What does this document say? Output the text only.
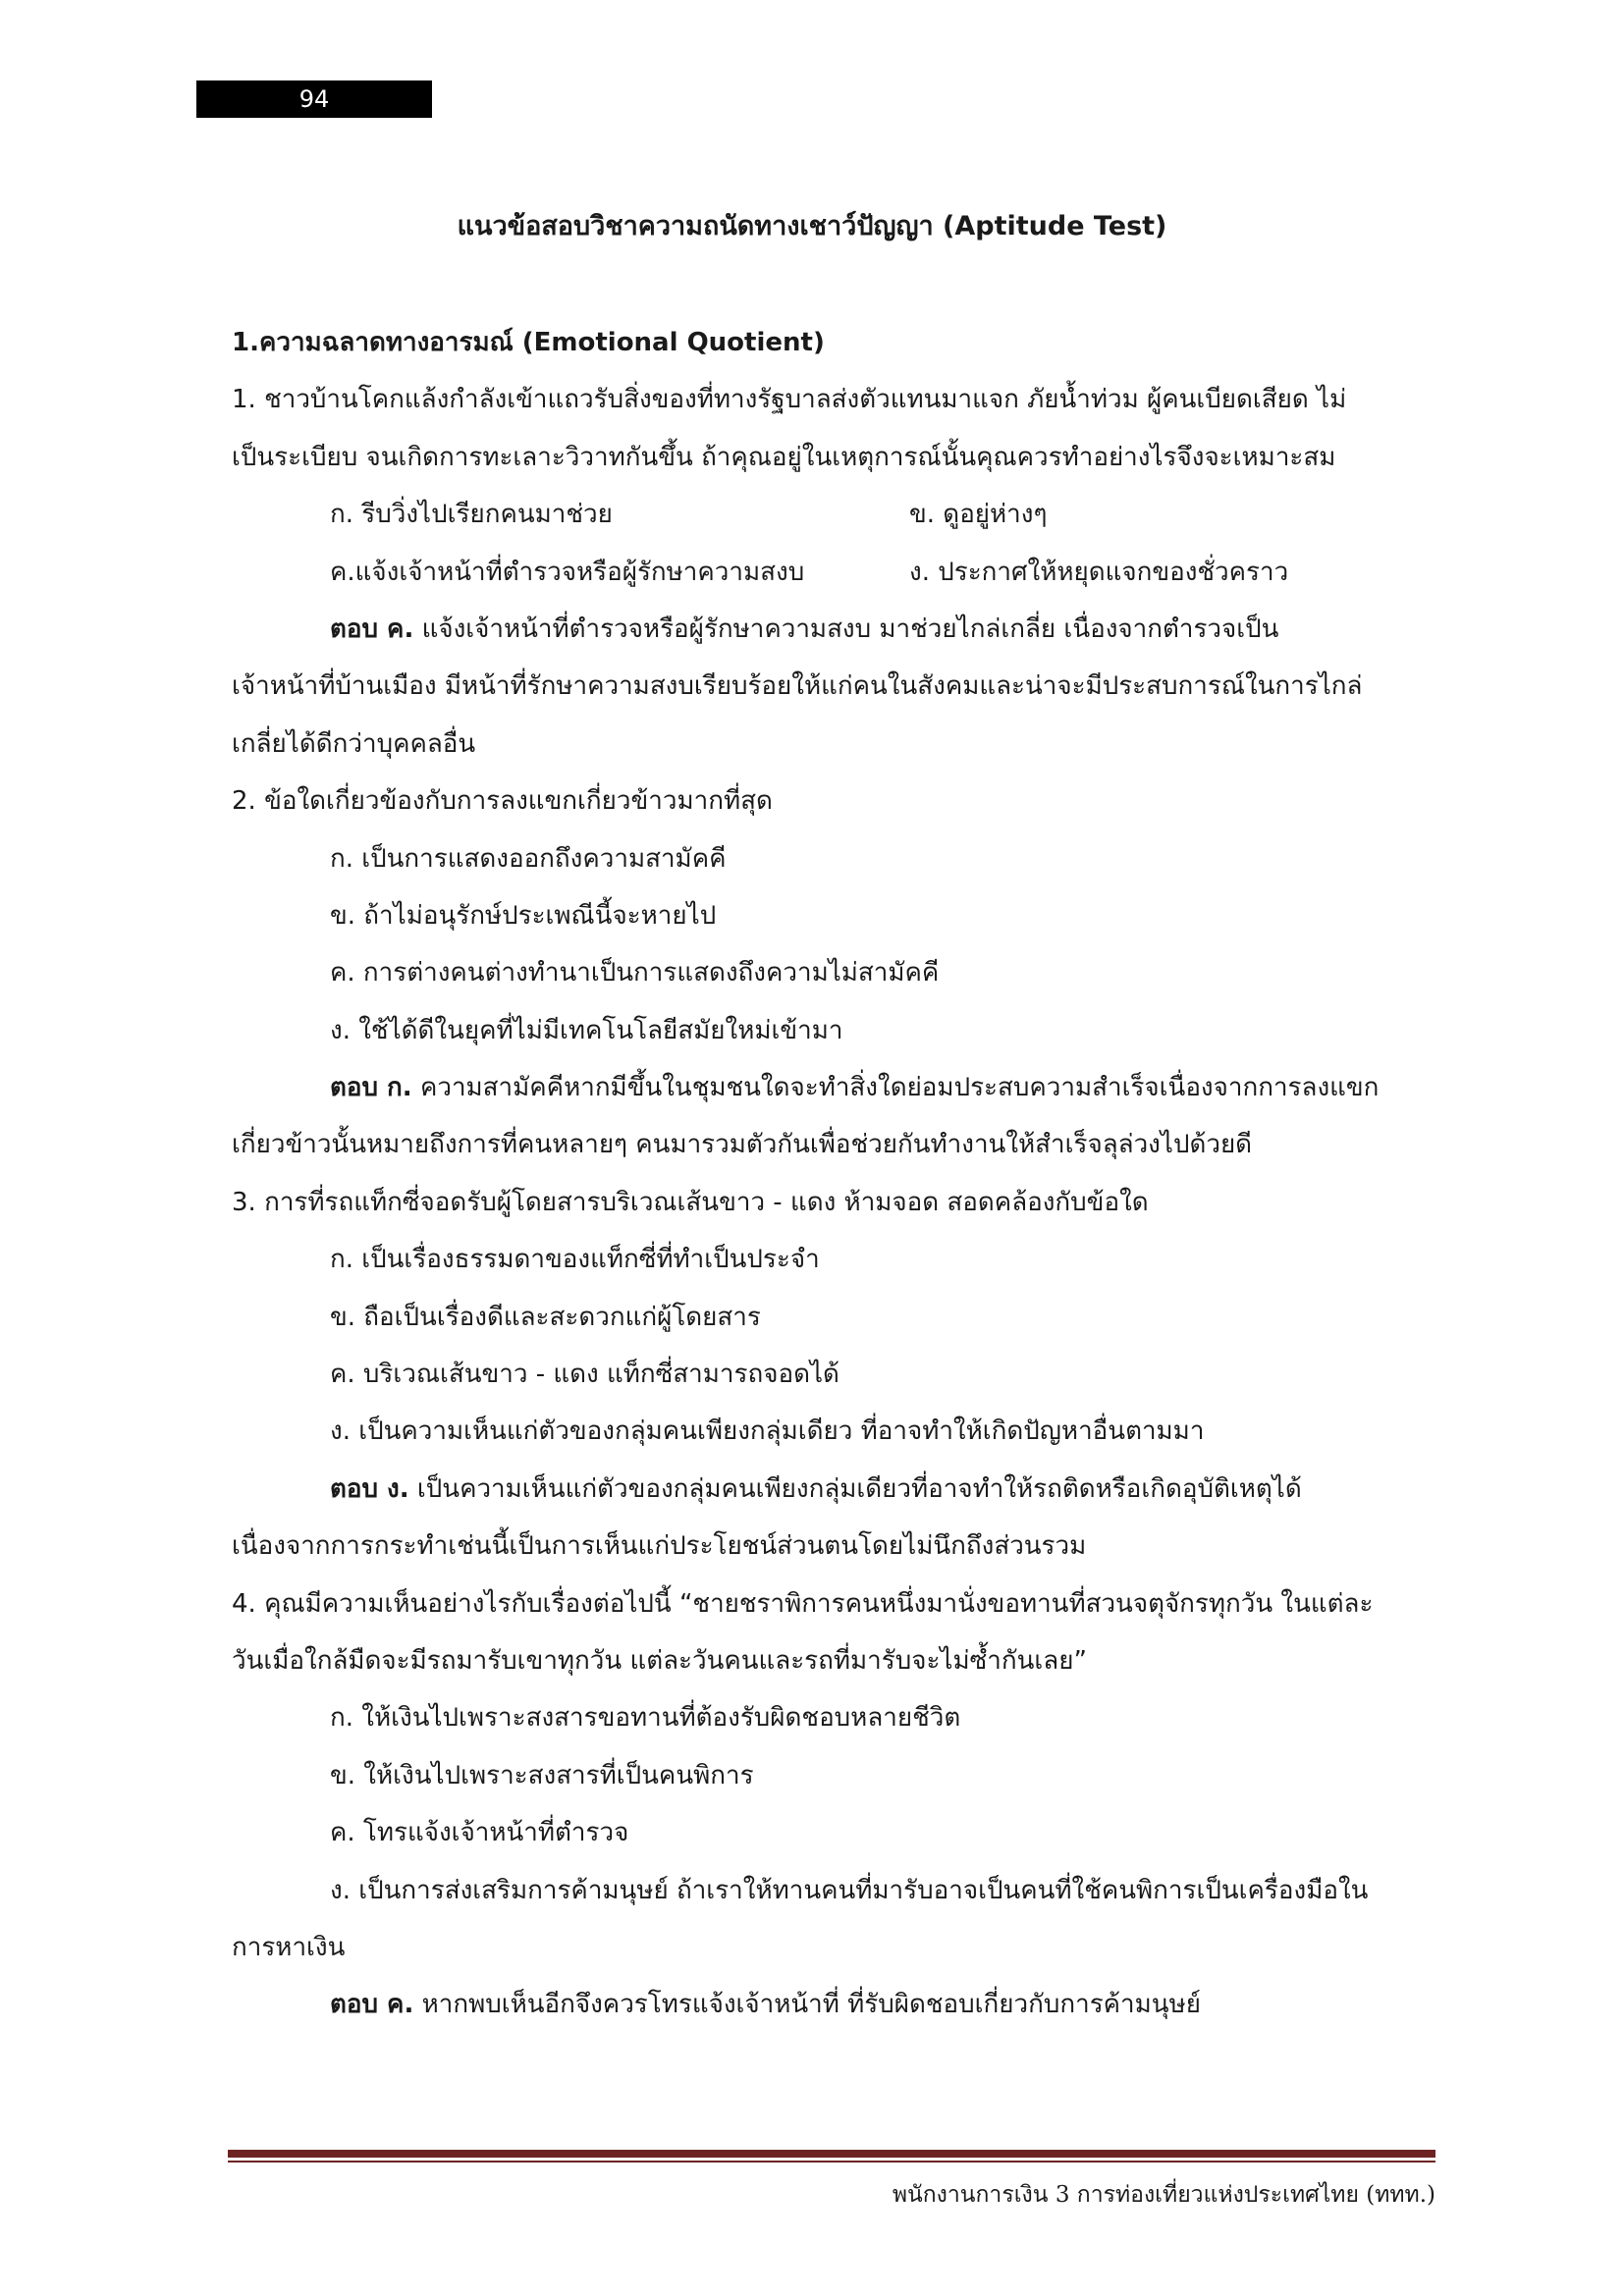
94
แนวข้อสอบวิชาความถนัดทางเชาว์ปัญญา (Aptitude Test)
1.ความฉลาดทางอารมณ์ (Emotional Quotient)
1. ชาวบ้านโคกแล้งกำลังเข้าแถวรับสิ่งของที่ทางรัฐบาลส่งตัวแทนมาแจก ภัยน้ำท่วม ผู้คนเบียดเสียด ไม่
เป็นระเบียบ จนเกิดการทะเลาะวิวาทกันขึ้น ถ้าคุณอยู่ในเหตุการณ์นั้นคุณควรทำอย่างไรจึงจะเหมาะสม
ก. รีบวิ่งไปเรียกคนมาช่วย	ข. ดูอยู่ห่างๆ
ค.แจ้งเจ้าหน้าที่ตำรวจหรือผู้รักษาความสงบ	ง. ประกาศให้หยุดแจกของชั่วคราว
ตอบ ค. แจ้งเจ้าหน้าที่ตำรวจหรือผู้รักษาความสงบ มาช่วยไกล่เกลี่ย เนื่องจากตำรวจเป็น
เจ้าหน้าที่บ้านเมือง มีหน้าที่รักษาความสงบเรียบร้อยให้แก่คนในสังคมและน่าจะมีประสบการณ์ในการไกล่
เกลี่ยได้ดีกว่าบุคคลอื่น
2. ข้อใดเกี่ยวข้องกับการลงแขกเกี่ยวข้าวมากที่สุด
ก. เป็นการแสดงออกถึงความสามัคคี
ข. ถ้าไม่อนุรักษ์ประเพณีนี้จะหายไป
ค. การต่างคนต่างทำนาเป็นการแสดงถึงความไม่สามัคคี
ง. ใช้ได้ดีในยุคที่ไม่มีเทคโนโลยีสมัยใหม่เข้ามา
ตอบ ก. ความสามัคคีหากมีขึ้นในชุมชนใดจะทำสิ่งใดย่อมประสบความสำเร็จเนื่องจากการลงแขก
เกี่ยวข้าวนั้นหมายถึงการที่คนหลายๆ คนมารวมตัวกันเพื่อช่วยกันทำงานให้สำเร็จลุล่วงไปด้วยดี
3. การที่รถแท็กซี่จอดรับผู้โดยสารบริเวณเส้นขาว - แดง ห้ามจอด สอดคล้องกับข้อใด
ก. เป็นเรื่องธรรมดาของแท็กซี่ที่ทำเป็นประจำ
ข. ถือเป็นเรื่องดีและสะดวกแก่ผู้โดยสาร
ค. บริเวณเส้นขาว - แดง แท็กซี่สามารถจอดได้
ง. เป็นความเห็นแก่ตัวของกลุ่มคนเพียงกลุ่มเดียว ที่อาจทำให้เกิดปัญหาอื่นตามมา
ตอบ ง. เป็นความเห็นแก่ตัวของกลุ่มคนเพียงกลุ่มเดียวที่อาจทำให้รถติดหรือเกิดอุบัติเหตุได้
เนื่องจากการกระทำเช่นนี้เป็นการเห็นแก่ประโยชน์ส่วนตนโดยไม่นึกถึงส่วนรวม
4. คุณมีความเห็นอย่างไรกับเรื่องต่อไปนี้ “ชายชราพิการคนหนึ่งมานั่งขอทานที่สวนจตุจักรทุกวัน ในแต่ละ
วันเมื่อใกล้มืดจะมีรถมารับเขาทุกวัน แต่ละวันคนและรถที่มารับจะไม่ซ้ำกันเลย”
ก. ให้เงินไปเพราะสงสารขอทานที่ต้องรับผิดชอบหลายชีวิต
ข. ให้เงินไปเพราะสงสารที่เป็นคนพิการ
ค. โทรแจ้งเจ้าหน้าที่ตำรวจ
ง. เป็นการส่งเสริมการค้ามนุษย์ ถ้าเราให้ทานคนที่มารับอาจเป็นคนที่ใช้คนพิการเป็นเครื่องมือใน
การหาเงิน
ตอบ ค. หากพบเห็นอีกจึงควรโทรแจ้งเจ้าหน้าที่ ที่รับผิดชอบเกี่ยวกับการค้ามนุษย์
พนักงานการเงิน 3 การท่องเที่ยวแห่งประเทศไทย (ททท.)
